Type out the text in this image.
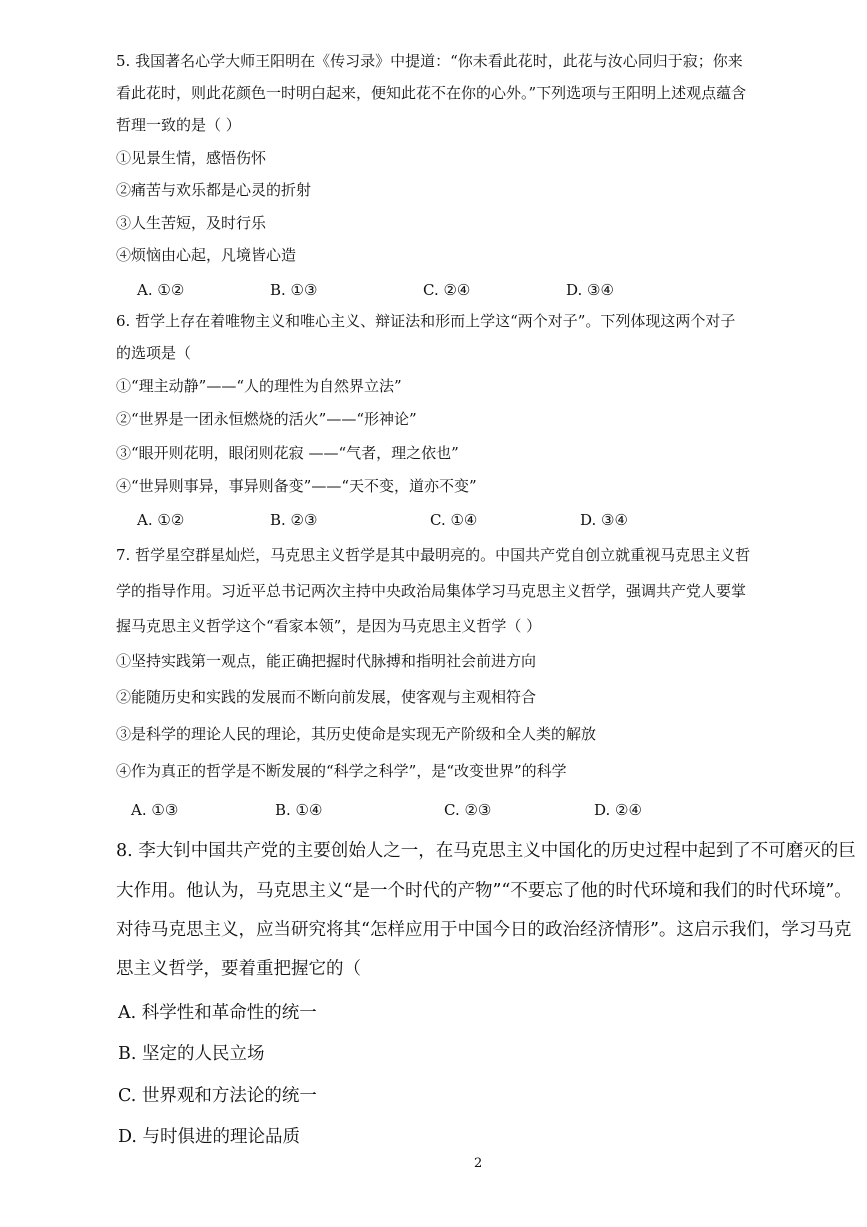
5. 我国著名心学大师王阳明在《传习录》中提道：“你未看此花时，此花与汝心同归于寂；你来
看此花时，则此花颜色一时明白起来，便知此花不在你的心外。”下列选项与王阳明上述观点蕴含
哲理一致的是（ ）
①见景生情，感悟伤怀
②痛苦与欢乐都是心灵的折射
③人生苦短，及时行乐
④烦恼由心起，凡境皆心造
A. ①②	B. ①③	C. ②④	D. ③④
6. 哲学上存在着唯物主义和唯心主义、辩证法和形而上学这“两个对子”。下列体现这两个对子
的选项是（
①“理主动静”——“人的理性为自然界立法”
②“世界是一团永恒燃烧的活火”——“形神论”
③“眼开则花明，眼闭则花寂 ——“气者，理之依也”
④“世异则事异，事异则备变”——“天不变，道亦不变”
A. ①②	B. ②③	C. ①④	D. ③④
7. 哲学星空群星灿烂，马克思主义哲学是其中最明亮的。中国共产党自创立就重视马克思主义哲
学的指导作用。习近平总书记两次主持中央政治局集体学习马克思主义哲学，强调共产党人要掌
握马克思主义哲学这个“看家本领”，是因为马克思主义哲学（ ）
①坚持实践第一观点，能正确把握时代脉搏和指明社会前进方向
②能随历史和实践的发展而不断向前发展，使客观与主观相符合
③是科学的理论人民的理论，其历史使命是实现无产阶级和全人类的解放
④作为真正的哲学是不断发展的“科学之科学”，是“改变世界”的科学
A. ①③	B. ①④	C. ②③	D. ②④
8. 李大钊中国共产党的主要创始人之一，在马克思主义中国化的历史过程中起到了不可磨灭的巨
大作用。他认为，马克思主义“是一个时代的产物”“不要忘了他的时代环境和我们的时代环境”。
对待马克思主义，应当研究将其“怎样应用于中国今日的政治经济情形”。这启示我们，学习马克
思主义哲学，要着重把握它的（
A. 科学性和革命性的统一
B. 坚定的人民立场
C. 世界观和方法论的统一
D. 与时俱进的理论品质
2
